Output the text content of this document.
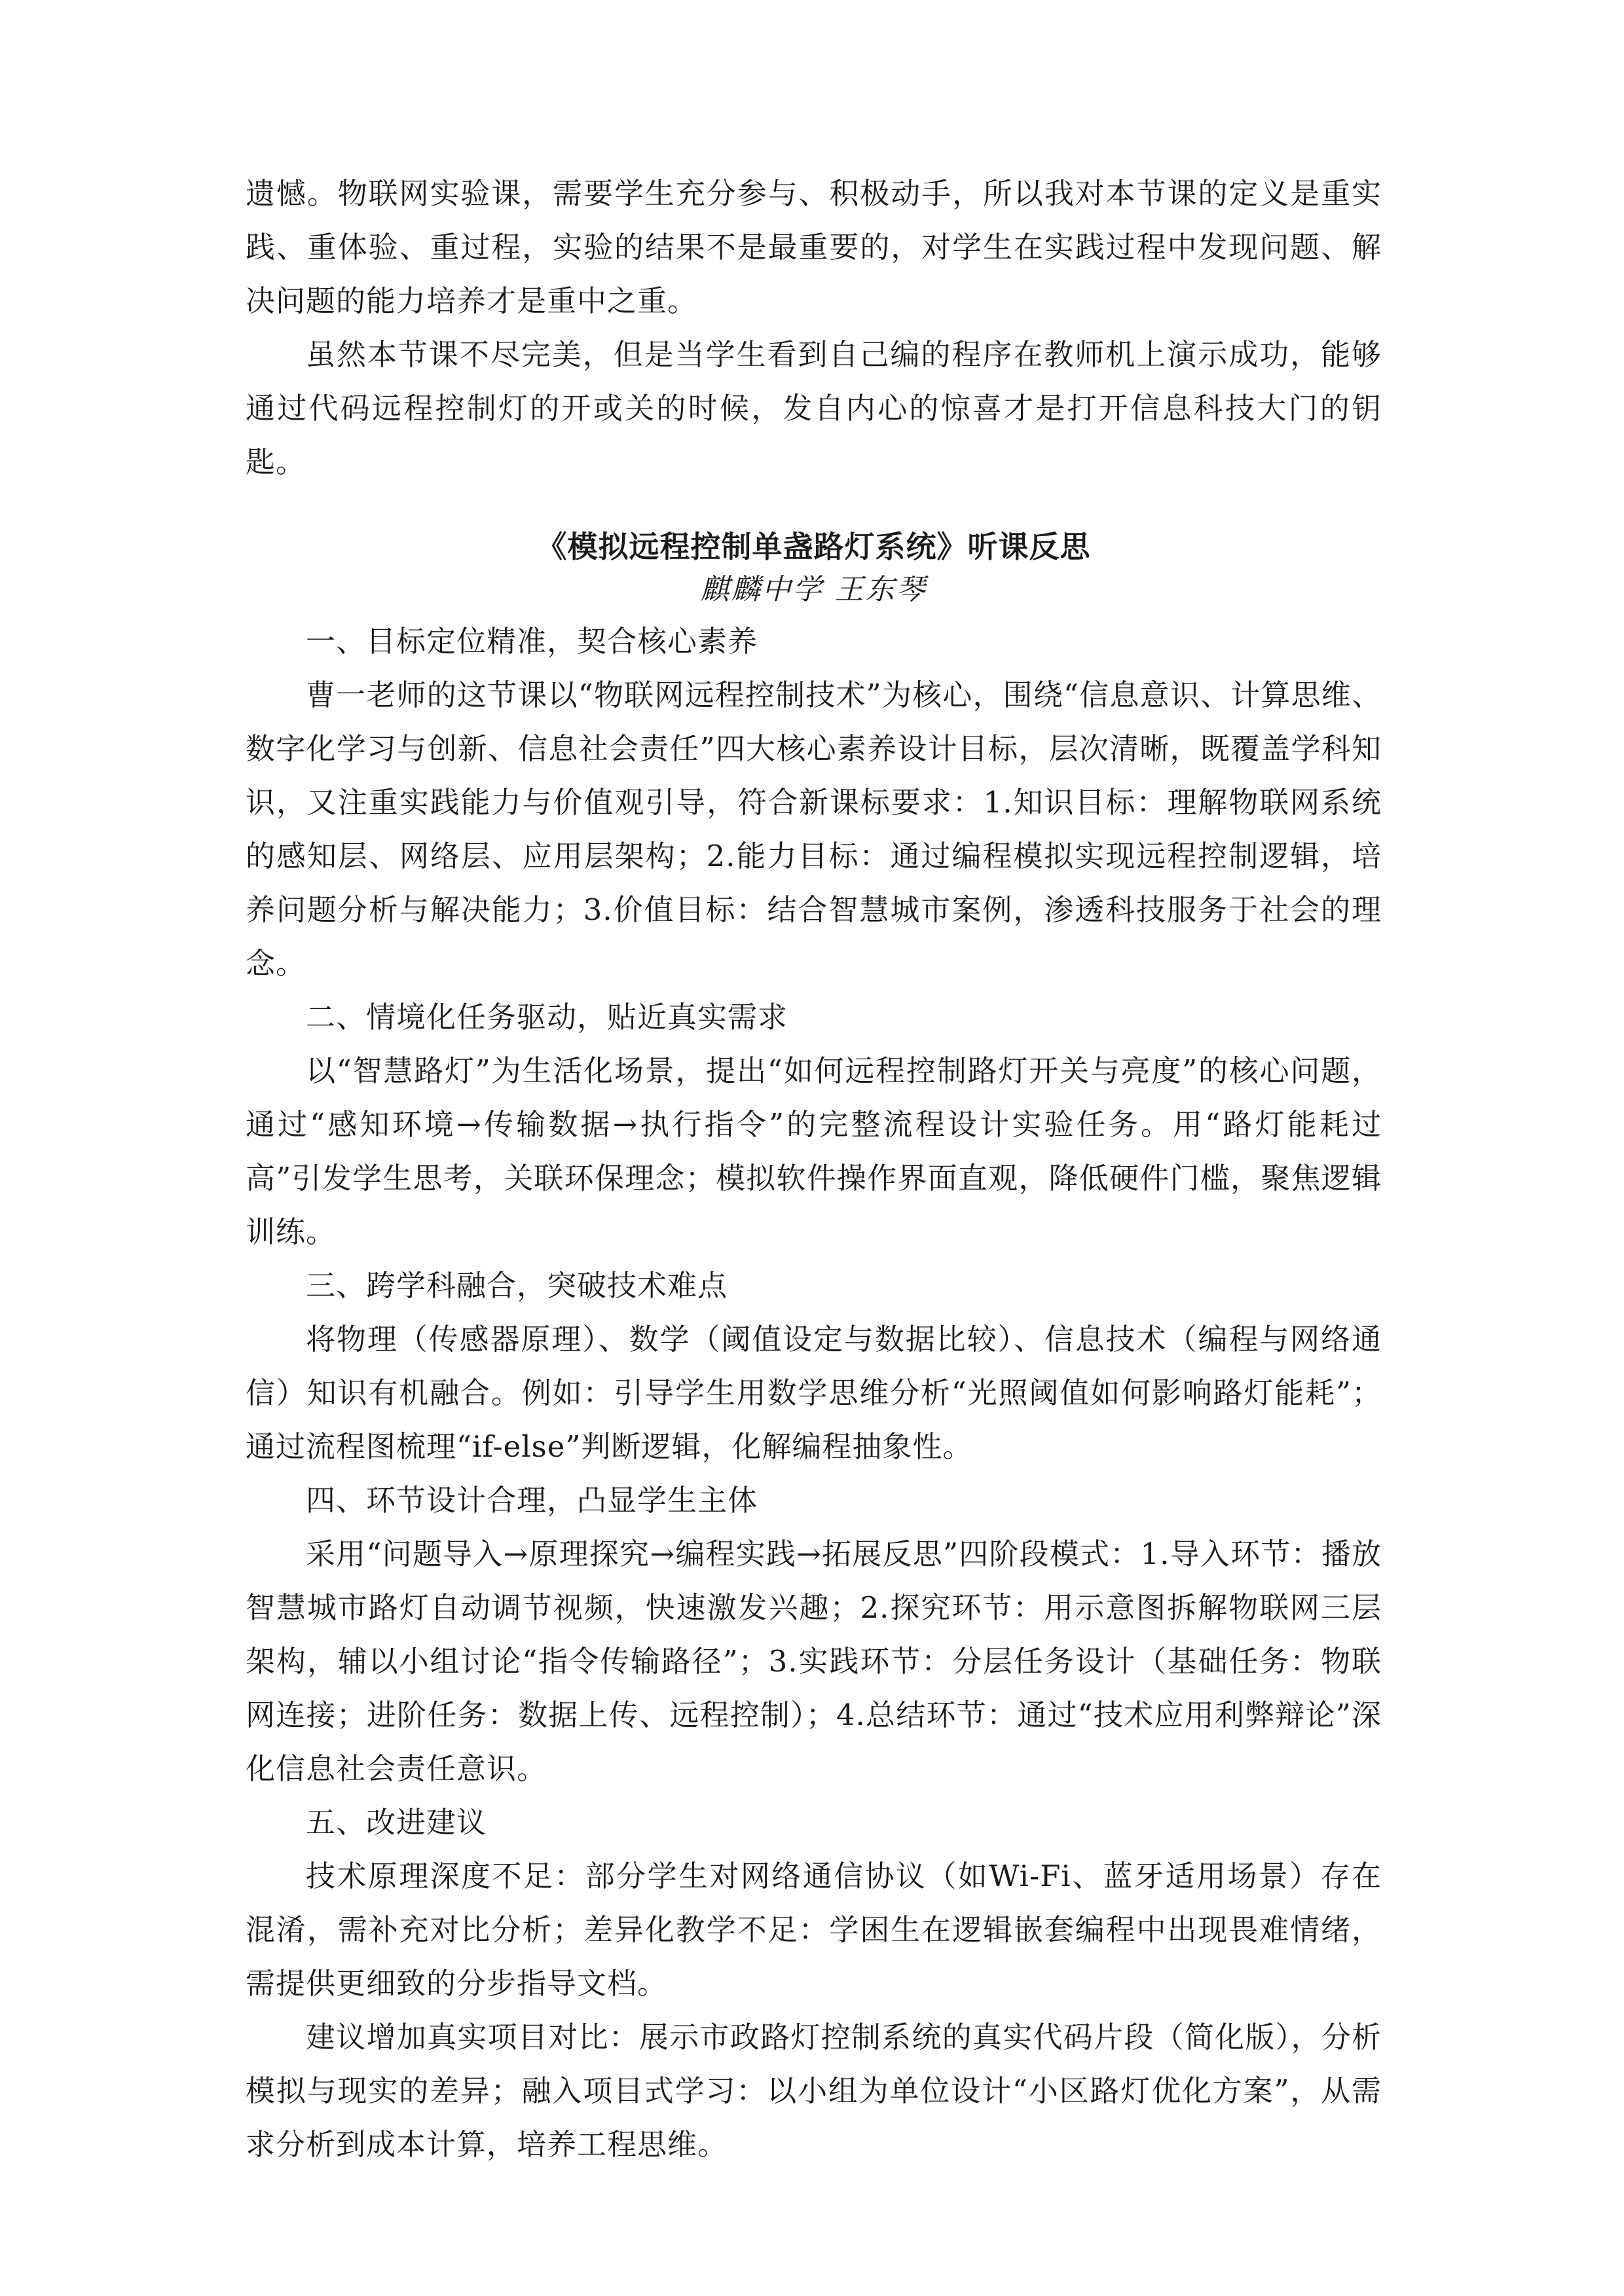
遗憾。物联网实验课，需要学生充分参与、积极动手，所以我对本节课的定义是重实践、重体验、重过程，实验的结果不是最重要的，对学生在实践过程中发现问题、解决问题的能力培养才是重中之重。

虽然本节课不尽完美，但是当学生看到自己编的程序在教师机上演示成功，能够通过代码远程控制灯的开或关的时候，发自内心的惊喜才是打开信息科技大门的钥匙。

《模拟远程控制单盏路灯系统》听课反思
麒麟中学 王东琴
一、目标定位精准，契合核心素养

曹一老师的这节课以“物联网远程控制技术”为核心，围绕“信息意识、计算思维、数字化学习与创新、信息社会责任”四大核心素养设计目标，层次清晰，既覆盖学科知识，又注重实践能力与价值观引导，符合新课标要求：1.知识目标：理解物联网系统的感知层、网络层、应用层架构；2.能力目标：通过编程模拟实现远程控制逻辑，培养问题分析与解决能力；3.价值目标：结合智慧城市案例，渗透科技服务于社会的理念。

二、情境化任务驱动，贴近真实需求

以“智慧路灯”为生活化场景，提出“如何远程控制路灯开关与亮度”的核心问题，通过“感知环境→传输数据→执行指令”的完整流程设计实验任务。用“路灯能耗过高”引发学生思考，关联环保理念；模拟软件操作界面直观，降低硬件门槛，聚焦逻辑训练。

三、跨学科融合，突破技术难点

将物理（传感器原理）、数学（阈值设定与数据比较）、信息技术（编程与网络通信）知识有机融合。例如：引导学生用数学思维分析“光照阈值如何影响路灯能耗”；通过流程图梳理“if-else”判断逻辑，化解编程抽象性。

四、环节设计合理，凸显学生主体

采用“问题导入→原理探究→编程实践→拓展反思”四阶段模式：1.导入环节：播放智慧城市路灯自动调节视频，快速激发兴趣；2.探究环节：用示意图拆解物联网三层架构，辅以小组讨论“指令传输路径”；3.实践环节：分层任务设计（基础任务：物联网连接；进阶任务：数据上传、远程控制）；4.总结环节：通过“技术应用利弊辩论”深化信息社会责任意识。

五、改进建议

技术原理深度不足：部分学生对网络通信协议（如Wi-Fi、蓝牙适用场景）存在混淆，需补充对比分析；差异化教学不足：学困生在逻辑嵌套编程中出现畏难情绪，需提供更细致的分步指导文档。

建议增加真实项目对比：展示市政路灯控制系统的真实代码片段（简化版），分析模拟与现实的差异；融入项目式学习：以小组为单位设计“小区路灯优化方案”，从需求分析到成本计算，培养工程思维。
